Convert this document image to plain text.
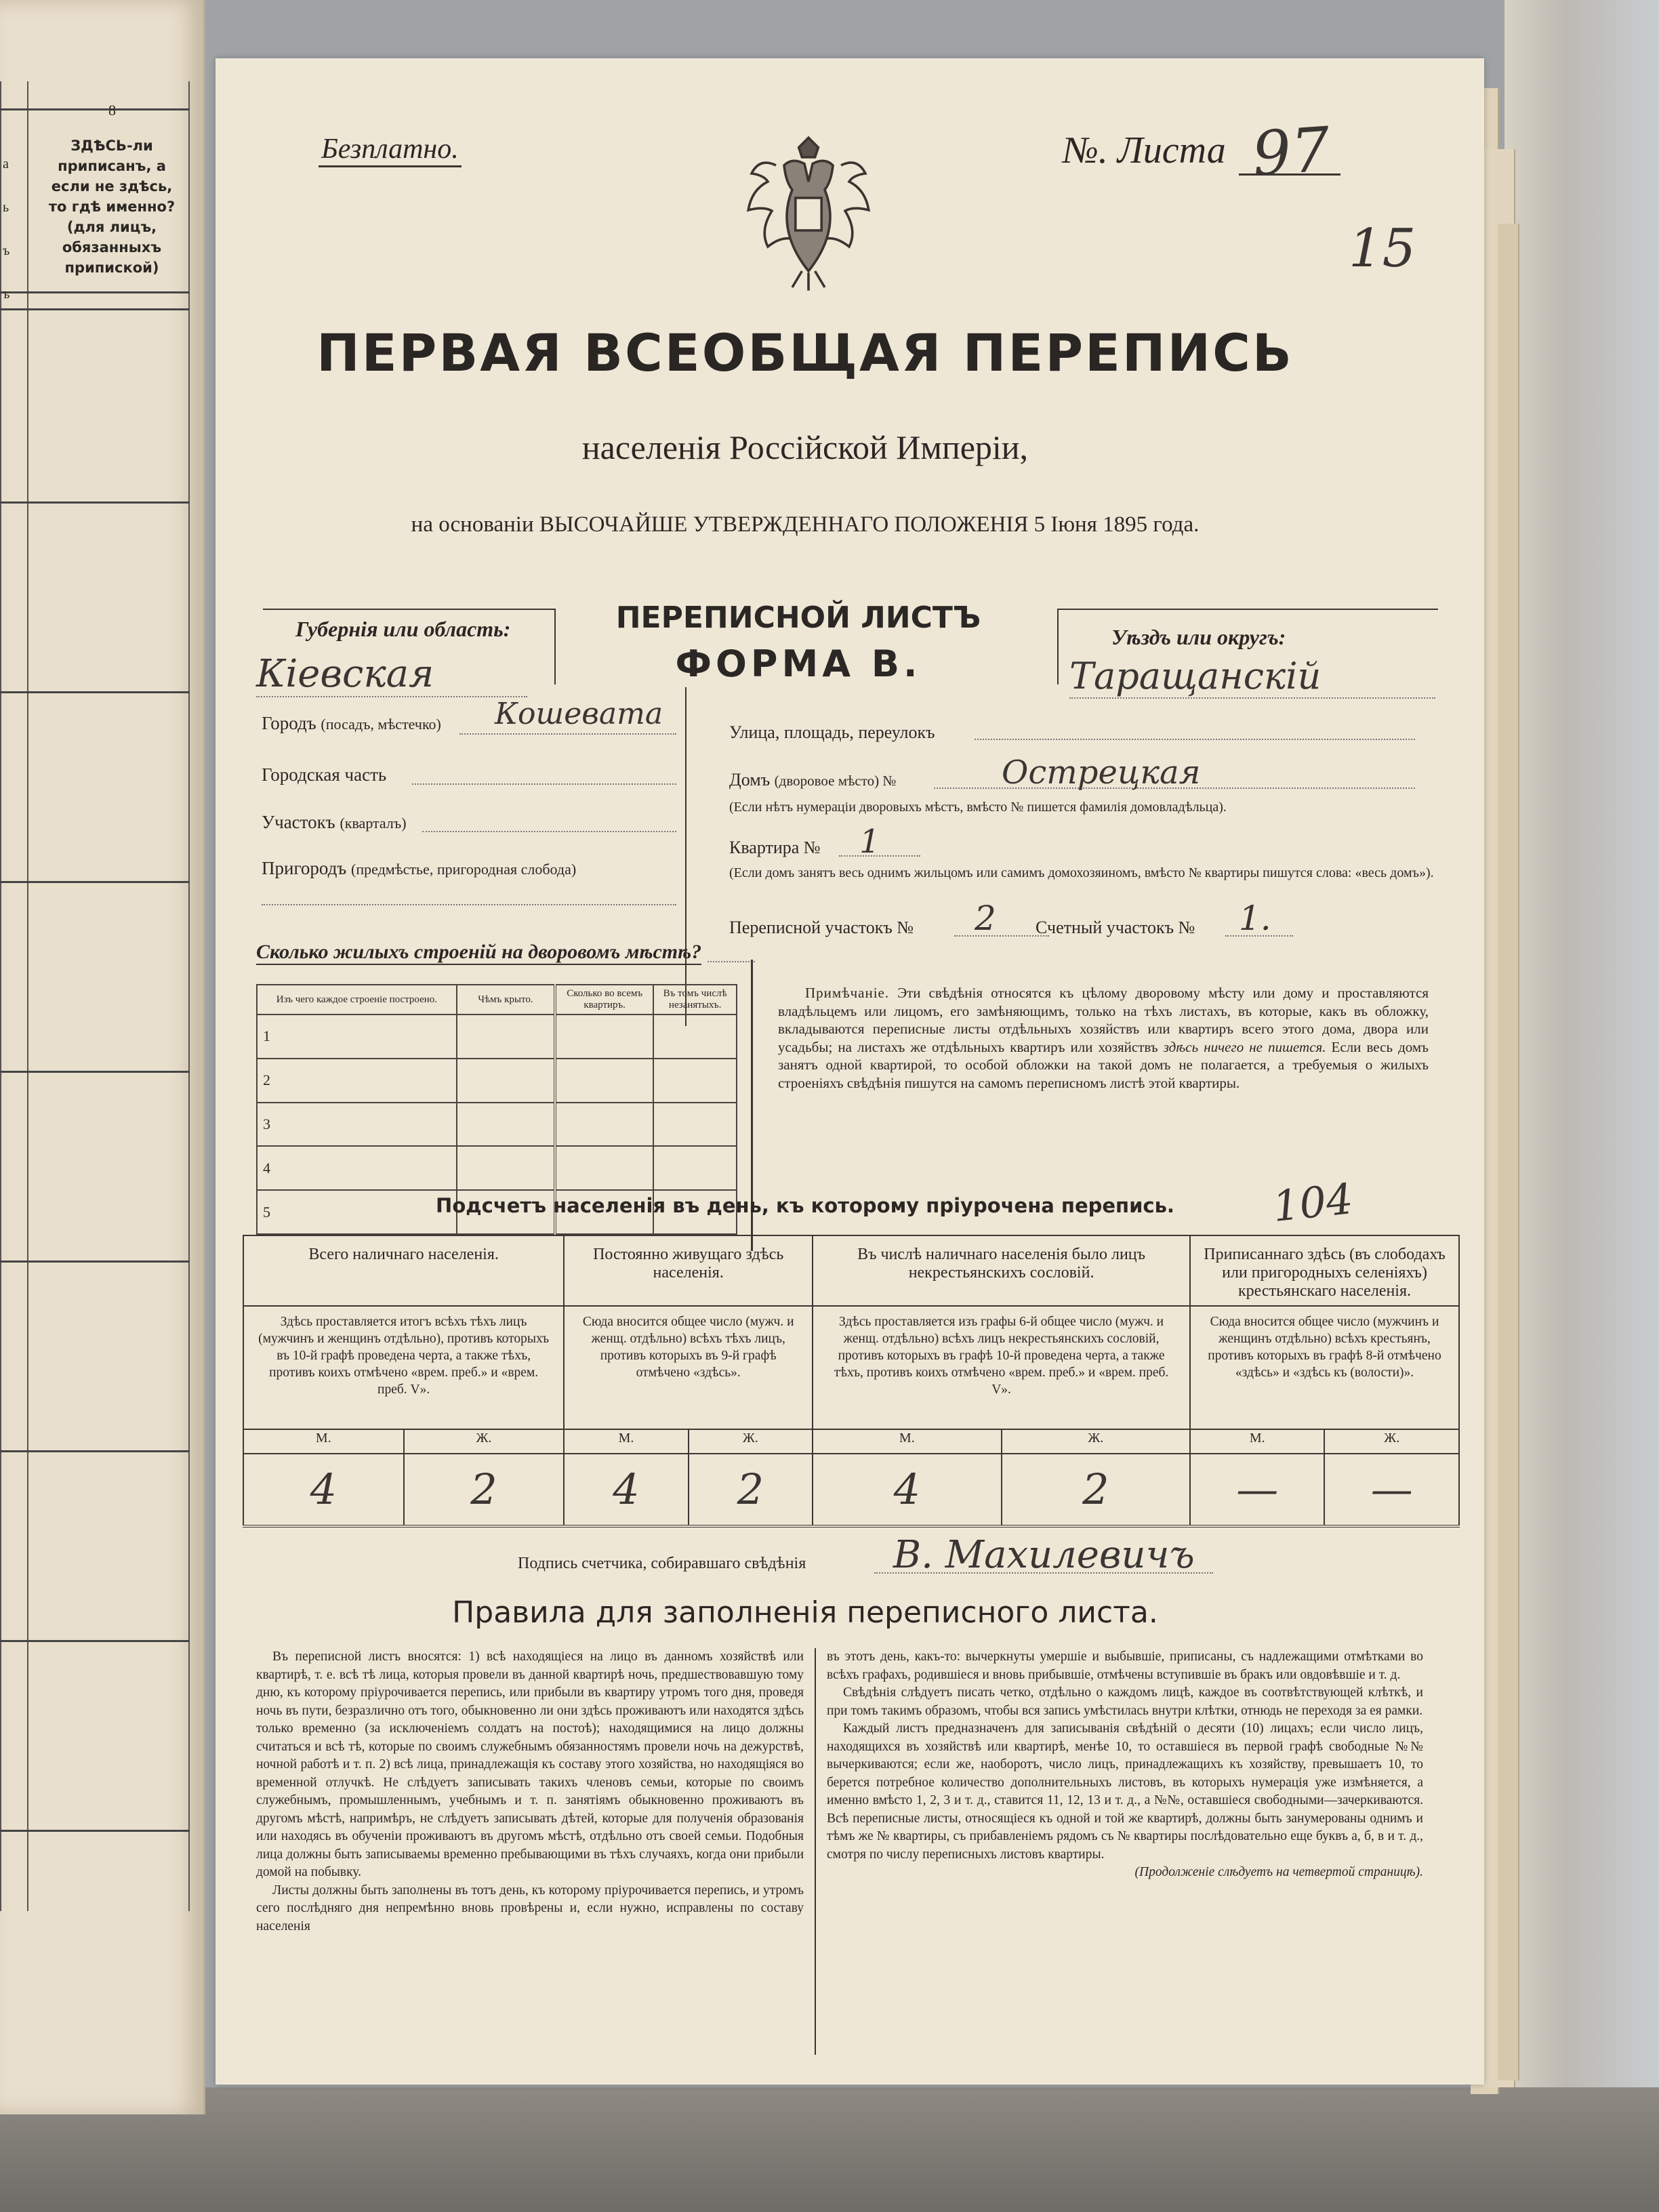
8
ЗДѢСЬ-ли приписанъ, а если не здѣсь, то гдѣ именно? (для лицъ, обязанныхъ припиской)
а
ь
ъ
ъ
Безплатно.	№. Листа 97
15
ПЕРВАЯ ВСЕОБЩАЯ ПЕРЕПИСЬ
населенія Россійской Имперіи,
на основаніи ВЫСОЧАЙШЕ УТВЕРЖДЕННАГО ПОЛОЖЕНІЯ 5 Іюня 1895 года.
Губернія или область:
Кіевская
ПЕРЕПИСНОЙ ЛИСТЪ
ФОРМА В.
Уѣздъ или округъ:
Таращанскій
Городъ (посадъ, мѣстечко) Кошевата
Городская часть
Участокъ (кварталъ)
Пригородъ (предмѣстье, пригородная слобода)
Улица, площадь, переулокъ
Домъ (дворовое мѣсто) №	Острецкая
(Если нѣтъ нумераціи дворовыхъ мѣстъ, вмѣсто № пишется фамилія домовладѣльца).
Квартира № 1
(Если домъ занятъ весь однимъ жильцомъ или самимъ домохозяиномъ, вмѣсто № квартиры пишутся слова: «весь домъ»).
Переписной участокъ № 2 Счетный участокъ № 1.
Сколько жилыхъ строеній на дворовомъ мѣстѣ?
Изъ чего каждое строеніе построено.	Чѣмъ крыто.	Сколько во всемъ квартиръ.	Въ томъ числѣ незанятыхъ.
1			
2			
3			
4			
5			
Примѣчаніе. Эти свѣдѣнія относятся къ цѣлому дворовому мѣсту или дому и проставляются владѣльцемъ или лицомъ, его замѣняющимъ, только на тѣхъ листахъ, въ которые, какъ въ обложку, вкладываются переписные листы отдѣльныхъ хозяйствъ или квартиръ всего этого дома, двора или усадьбы; на листахъ же отдѣльныхъ квартиръ или хозяйствъ здѣсь ничего не пишется. Если весь домъ занятъ одной квартирой, то особой обложки на такой домъ не полагается, а требуемыя о жилыхъ строеніяхъ свѣдѣнія пишутся на самомъ переписномъ листѣ этой квартиры.
Подсчетъ населенія въ день, къ которому пріурочена перепись.	104
Всего наличнаго населенія.		Постоянно живущаго здѣсь населенія.		Въ числѣ наличнаго населенія было лицъ некрестьянскихъ сословій.		Приписаннаго здѣсь (въ слободахъ или пригородныхъ селеніяхъ) крестьянскаго населенія.	
Здѣсь проставляется итогъ всѣхъ тѣхъ лицъ (мужчинъ и женщинъ отдѣльно), противъ которыхъ въ 10-й графѣ проведена черта, а также тѣхъ, противъ коихъ отмѣчено «врем. преб.» и «врем. преб. V».		Сюда вносится общее число (мужч. и женщ. отдѣльно) всѣхъ тѣхъ лицъ, противъ которыхъ въ 9-й графѣ отмѣчено «здѣсь».		Здѣсь проставляется изъ графы 6-й общее число (мужч. и женщ. отдѣльно) всѣхъ лицъ некрестьянскихъ сословій, противъ которыхъ въ графѣ 10-й проведена черта, а также тѣхъ, противъ коихъ отмѣчено «врем. преб.» и «врем. преб. V».		Сюда вносится общее число (мужчинъ и женщинъ отдѣльно) всѣхъ крестьянъ, противъ которыхъ въ графѣ 8-й отмѣчено «здѣсь» и «здѣсь къ (волости)».	
М.	Ж.	М.	Ж.	М.	Ж.	М.	Ж.
4	2	4	2	4	2	—	—
Подпись счетчика, собиравшаго свѣдѣнія В. Махилевичъ
Правила для заполненія переписного листа.

Въ переписной листъ вносятся: 1) всѣ находящіеся на лицо въ данномъ хозяйствѣ или квартирѣ, т. е. всѣ тѣ лица, которыя провели въ данной квартирѣ ночь, предшествовавшую тому дню, къ которому пріурочивается перепись, или прибыли въ квартиру утромъ того дня, проведя ночь въ пути, безразлично отъ того, обыкновенно ли они здѣсь проживаютъ или находятся здѣсь только временно (за исключеніемъ солдатъ на постоѣ); находящимися на лицо должны считаться и всѣ тѣ, которые по своимъ служебнымъ обязанностямъ провели ночь на дежурствѣ, ночной работѣ и т. п. 2) всѣ лица, принадлежащія къ составу этого хозяйства, но находящіяся во временной отлучкѣ. Не слѣдуетъ записывать такихъ членовъ семьи, которые по своимъ служебнымъ, промышленнымъ, учебнымъ и т. п. занятіямъ обыкновенно проживаютъ въ другомъ мѣстѣ, напримѣръ, не слѣдуетъ записывать дѣтей, которые для полученія образованія или находясь въ обученіи проживаютъ въ другомъ мѣстѣ, отдѣльно отъ своей семьи. Подобныя лица должны быть записываемы временно пребывающими въ тѣхъ случаяхъ, когда они прибыли домой на побывку.

Листы должны быть заполнены въ тотъ день, къ которому пріурочивается перепись, и утромъ сего послѣдняго дня непремѣнно вновь провѣрены и, если нужно, исправлены по составу населенія

въ этотъ день, какъ-то: вычеркнуты умершіе и выбывшіе, приписаны, съ надлежащими отмѣтками во всѣхъ графахъ, родившіеся и вновь прибывшіе, отмѣчены вступившіе въ бракъ или овдовѣвшіе и т. д.

Свѣдѣнія слѣдуетъ писать четко, отдѣльно о каждомъ лицѣ, каждое въ соотвѣтствующей клѣткѣ, и при томъ такимъ образомъ, чтобы вся запись умѣстилась внутри клѣтки, отнюдь не переходя за ея рамки.

Каждый листъ предназначенъ для записыванія свѣдѣній о десяти (10) лицахъ; если число лицъ, находящихся въ хозяйствѣ или квартирѣ, менѣе 10, то оставшіеся въ первой графѣ свободные №№ вычеркиваются; если же, наоборотъ, число лицъ, принадлежащихъ къ хозяйству, превышаетъ 10, то берется потребное количество дополнительныхъ листовъ, въ которыхъ нумерація уже измѣняется, а именно вмѣсто 1, 2, 3 и т. д., ставится 11, 12, 13 и т. д., а №№, оставшіеся свободными—зачеркиваются. Всѣ переписные листы, относящіеся къ одной и той же квартирѣ, должны быть занумерованы однимъ и тѣмъ же № квартиры, съ прибавленіемъ рядомъ съ № квартиры послѣдовательно еще буквъ а, б, в и т. д., смотря по числу переписныхъ листовъ квартиры.

(Продолженіе слѣдуетъ на четвертой страницѣ).
